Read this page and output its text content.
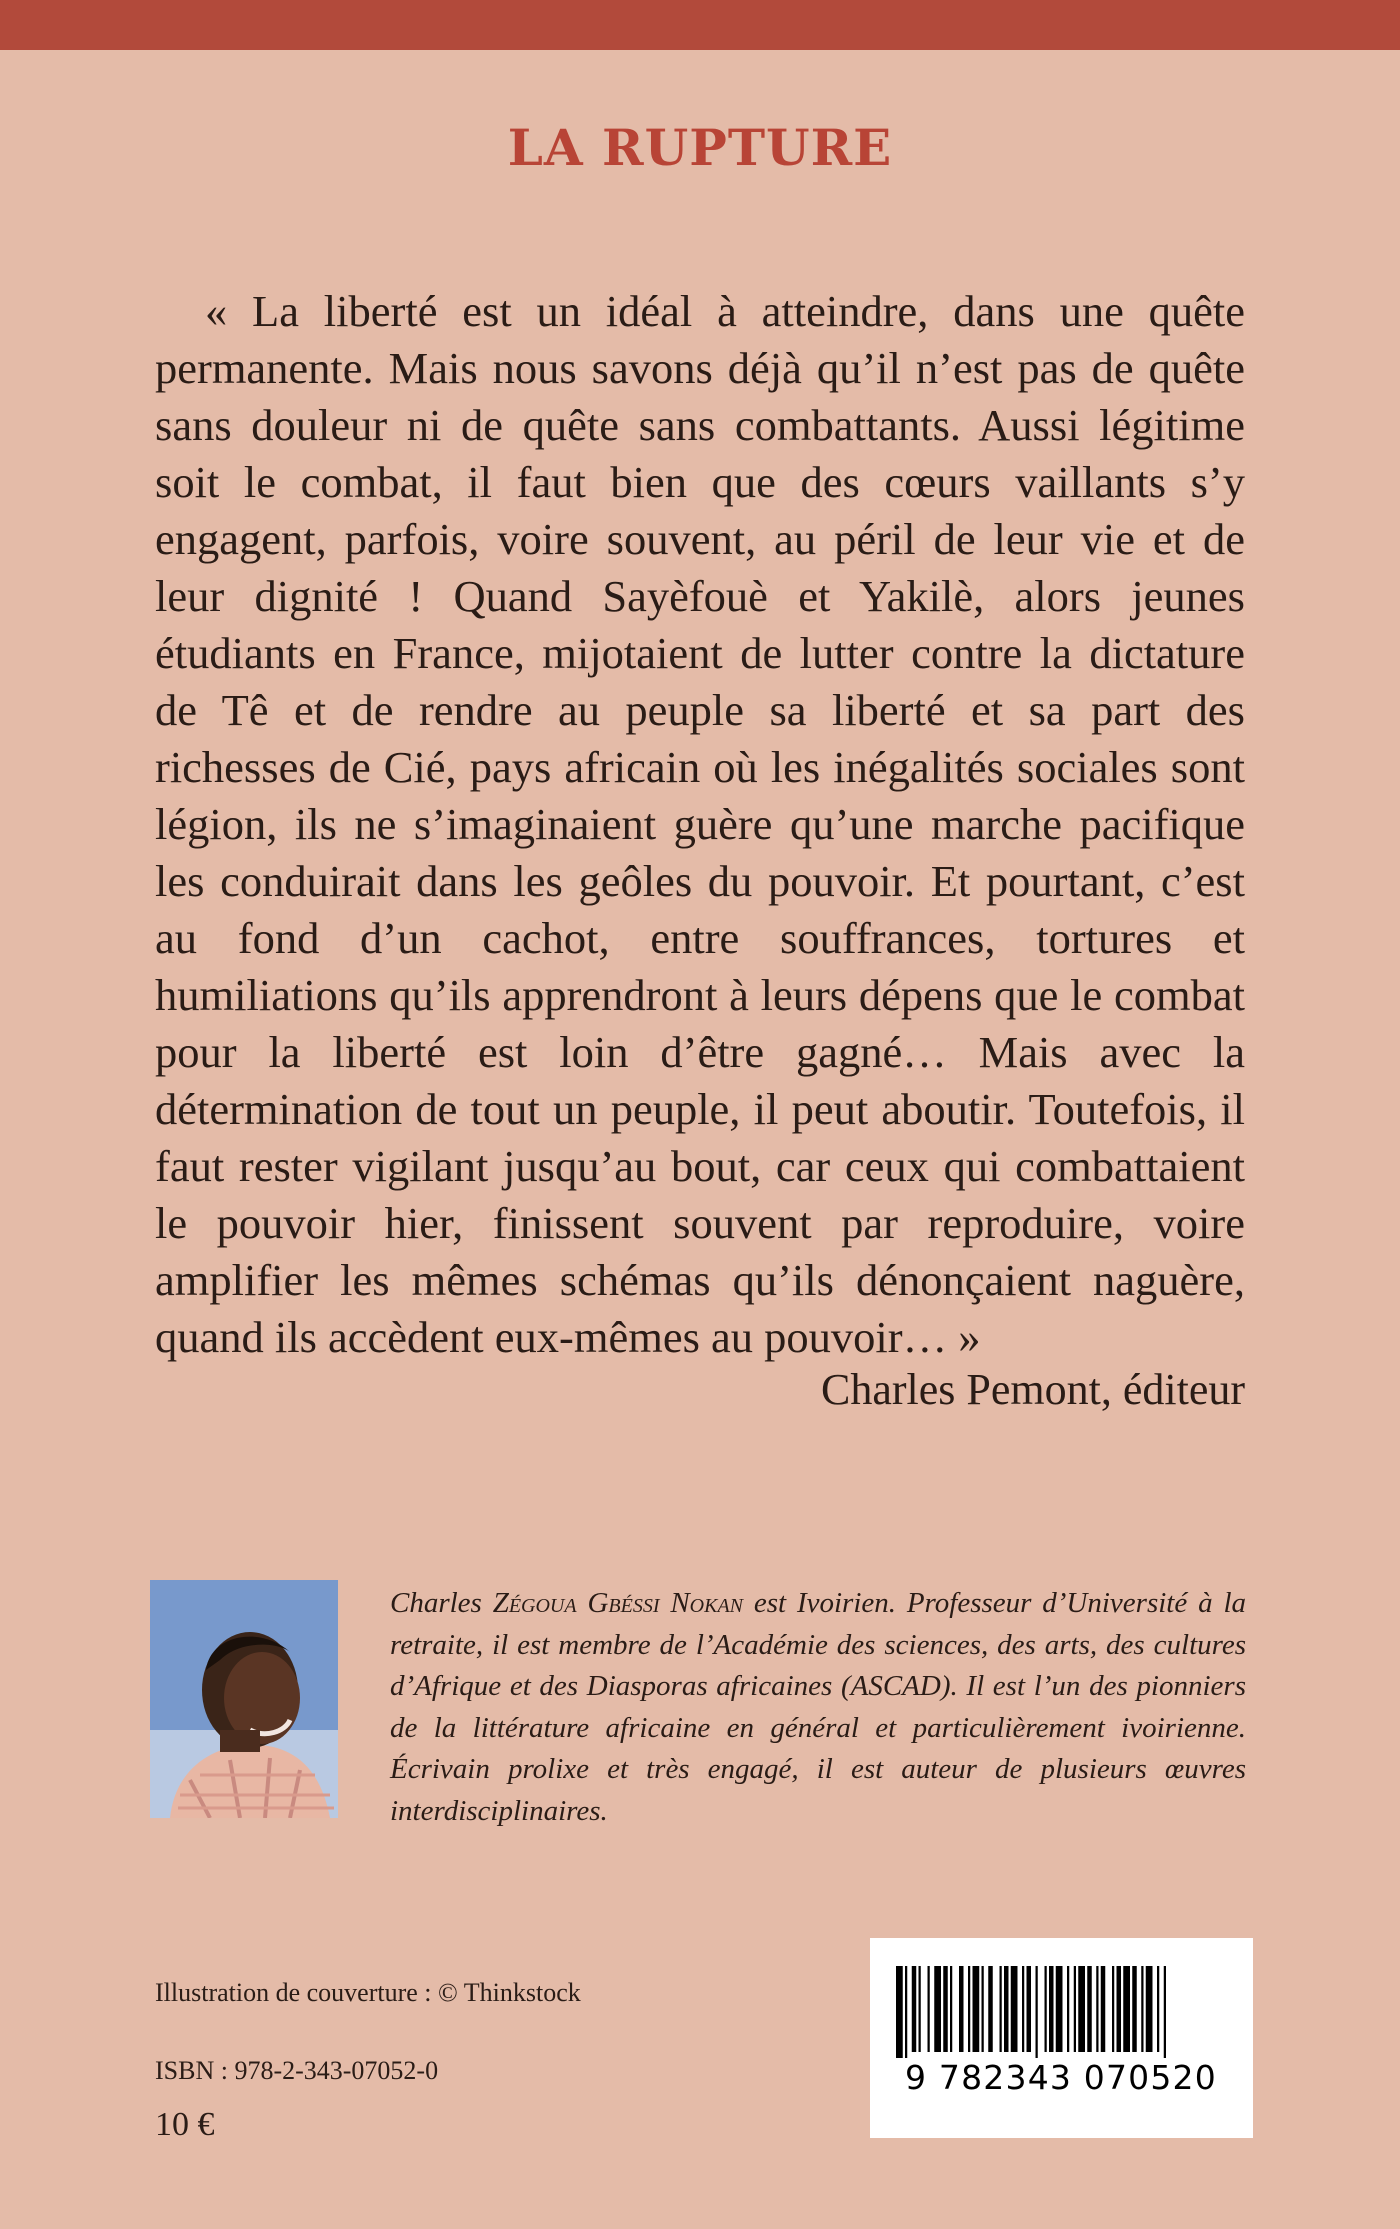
LA RUPTURE

« La liberté est un idéal à atteindre, dans une quête permanente. Mais nous savons déjà qu’il n’est pas de quête sans douleur ni de quête sans combattants. Aussi légitime soit le combat, il faut bien que des cœurs vaillants s’y engagent, parfois, voire souvent, au péril de leur vie et de leur dignité ! Quand Sayèfouè et Yakilè, alors jeunes étudiants en France, mijotaient de lutter contre la dictature de Tê et de rendre au peuple sa liberté et sa part des richesses de Cié, pays africain où les inégalités sociales sont légion, ils ne s’imaginaient guère qu’une marche pacifique les conduirait dans les geôles du pouvoir. Et pourtant, c’est au fond d’un cachot, entre souffrances, tortures et humiliations qu’ils apprendront à leurs dépens que le combat pour la liberté est loin d’être gagné… Mais avec la détermination de tout un peuple, il peut aboutir. Toutefois, il faut rester vigilant jusqu’au bout, car ceux qui combattaient le pouvoir hier, finissent souvent par reproduire, voire amplifier les mêmes schémas qu’ils dénonçaient naguère, quand ils accèdent eux-mêmes au pouvoir… »

Charles Pemont, éditeur

Charles Zégoua Gbéssi Nokan est Ivoirien. Professeur d’Université à la retraite, il est membre de l’Académie des sciences, des arts, des cultures d’Afrique et des Diasporas africaines (ASCAD). Il est l’un des pionniers de la littérature africaine en général et particulièrement ivoirienne. Écrivain prolixe et très engagé, il est auteur de plusieurs œuvres interdisciplinaires.

Illustration de couverture : © Thinkstock
ISBN : 978-2-343-07052-0
10 €
9 782343 070520
